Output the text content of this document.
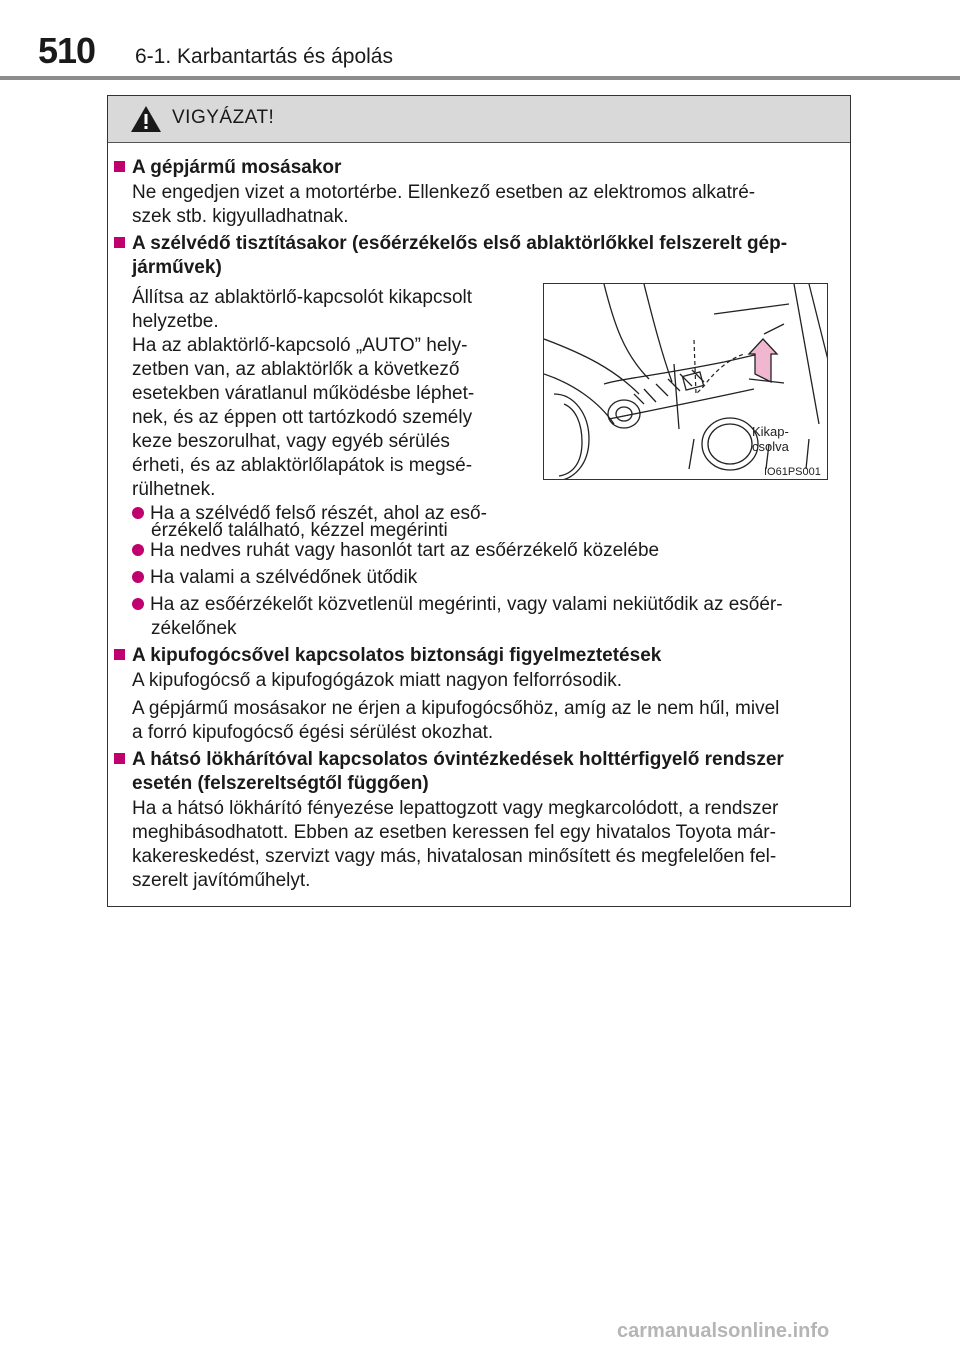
510 6-1. Karbantartás és ápolás
VIGYÁZAT!
A gépjármű mosásakor
Ne engedjen vizet a motortérbe. Ellenkező esetben az elektromos alkatré-
szek stb. kigyulladhatnak.
A szélvédő tisztításakor (esőérzékelős első ablaktörlőkkel felszerelt gép-
járművek)
Állítsa az ablaktörlő-kapcsolót kikapcsolt
helyzetbe.
Ha az ablaktörlő-kapcsoló „AUTO” hely-
zetben van, az ablaktörlők a következő
esetekben váratlanul működésbe léphet-
nek, és az éppen ott tartózkodó személy
keze beszorulhat, vagy egyéb sérülés
érheti, és az ablaktörlőlapátok is megsé-
rülhetnek.
Kikap-
csolva
IO61PS001
Ha a szélvédő felső részét, ahol az eső-
érzékelő található, kézzel megérinti
Ha nedves ruhát vagy hasonlót tart az esőérzékelő közelébe
Ha valami a szélvédőnek ütődik
Ha az esőérzékelőt közvetlenül megérinti, vagy valami nekiütődik az esőér-
zékelőnek
A kipufogócsővel kapcsolatos biztonsági figyelmeztetések
A kipufogócső a kipufogógázok miatt nagyon felforrósodik.
A gépjármű mosásakor ne érjen a kipufogócsőhöz, amíg az le nem hűl, mivel
a forró kipufogócső égési sérülést okozhat.
A hátsó lökhárítóval kapcsolatos óvintézkedések holttérfigyelő rendszer
esetén (felszereltségtől függően)
Ha a hátsó lökhárító fényezése lepattogzott vagy megkarcolódott, a rendszer
meghibásodhatott. Ebben az esetben keressen fel egy hivatalos Toyota már-
kakereskedést, szervizt vagy más, hivatalosan minősített és megfelelően fel-
szerelt javítóműhelyt.
carmanualsonline.info
